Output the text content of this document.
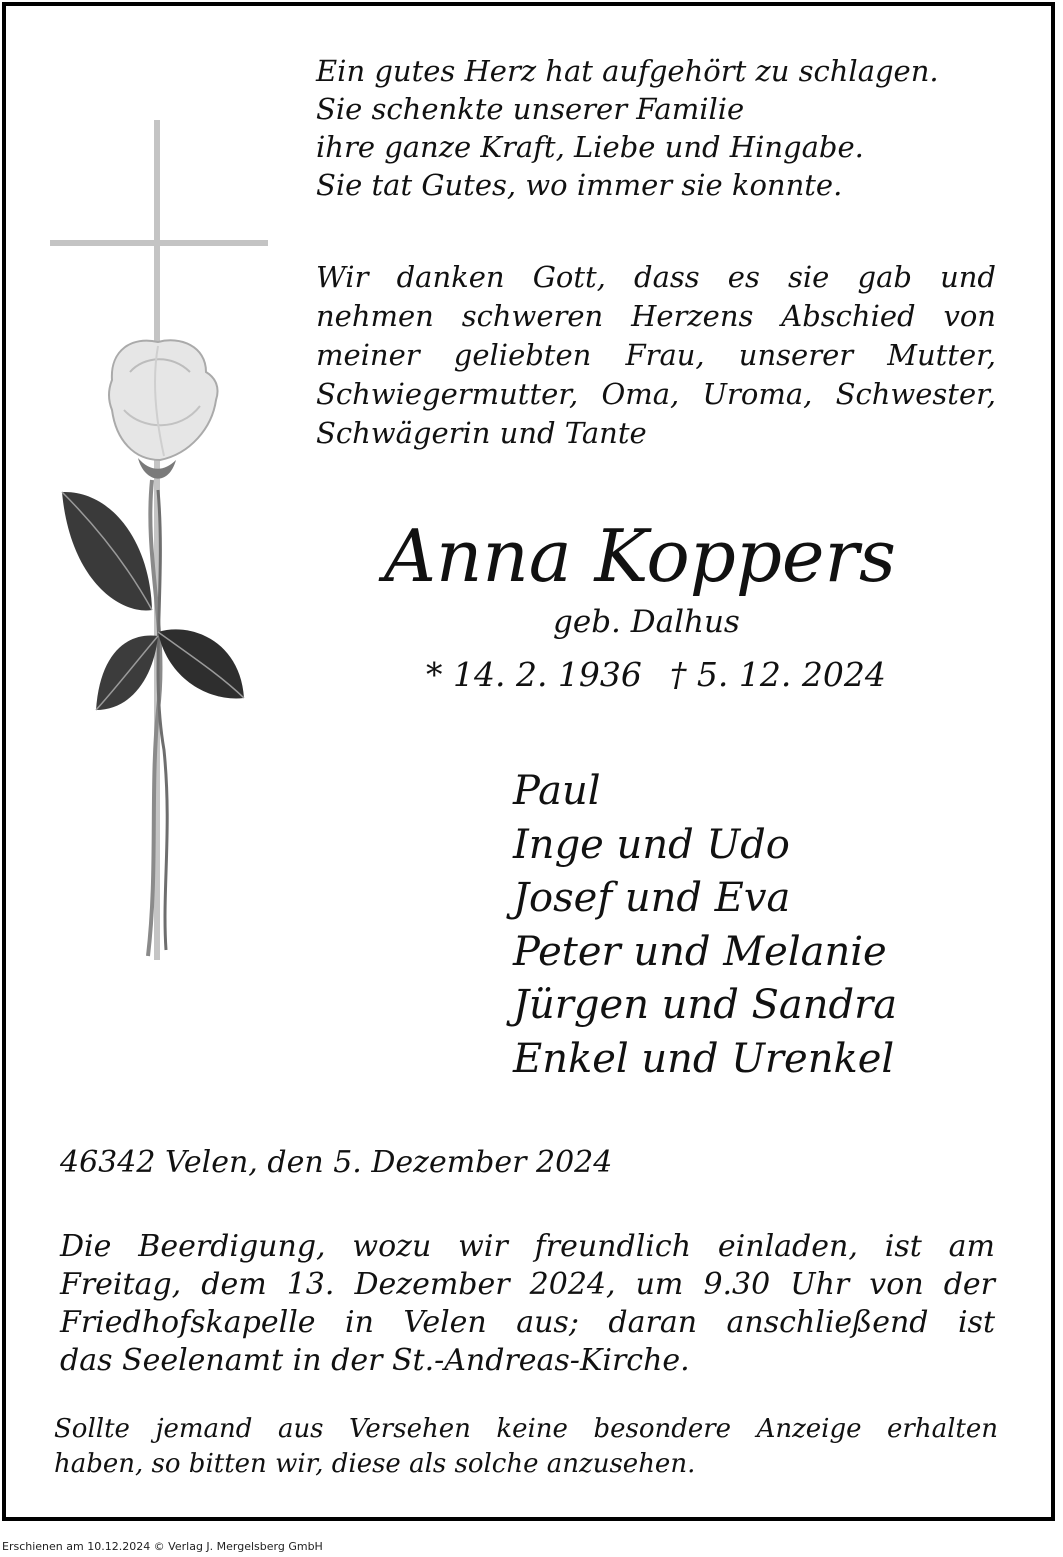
Ein gutes Herz hat aufgehört zu schlagen.
Sie schenkte unserer Familie
ihre ganze Kraft, Liebe und Hingabe.
Sie tat Gutes, wo immer sie konnte.
Wir danken Gott, dass es sie gab und
nehmen schweren Herzens Abschied von
meiner geliebten Frau, unserer Mutter,
Schwiegermutter, Oma, Uroma, Schwester,
Schwägerin und Tante
Anna Koppers
geb. Dalhus
* 14. 2. 1936 † 5. 12. 2024
Paul
Inge und Udo
Josef und Eva
Peter und Melanie
Jürgen und Sandra
Enkel und Urenkel
46342 Velen, den 5. Dezember 2024
Die Beerdigung, wozu wir freundlich einladen, ist am
Freitag, dem 13. Dezember 2024, um 9.30 Uhr von der
Friedhofskapelle in Velen aus; daran anschließend ist
das Seelenamt in der St.-Andreas-Kirche.
Sollte jemand aus Versehen keine besondere Anzeige erhalten
haben, so bitten wir, diese als solche anzusehen.
Erschienen am 10.12.2024 © Verlag J. Mergelsberg GmbH
